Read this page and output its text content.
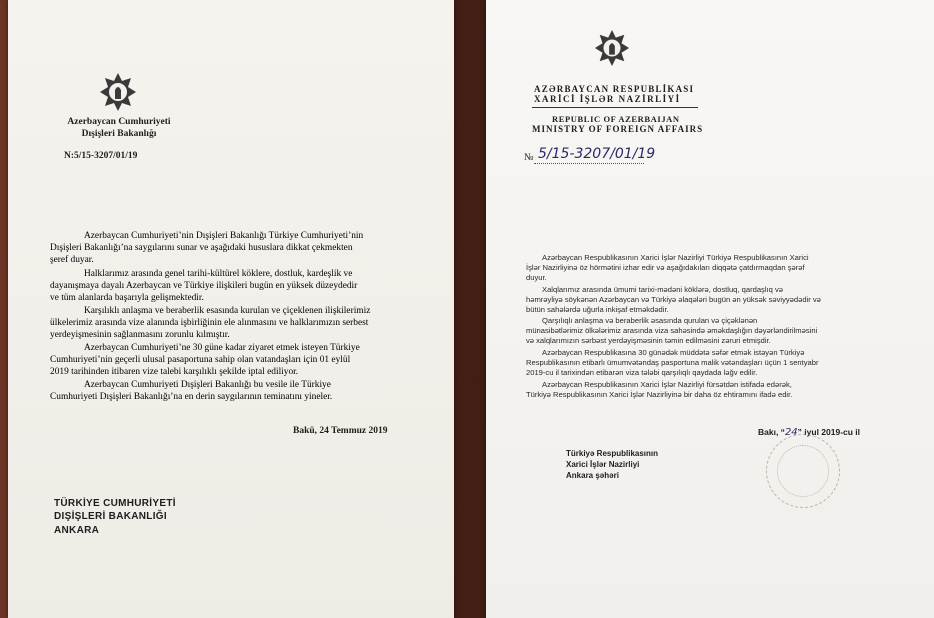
Azerbaycan Cumhuriyeti
Dışişleri Bakanlığı
N:5/15-3207/01/19

Azerbaycan Cumhuriyeti’nin Dışişleri Bakanlığı Türkiye Cumhuriyeti’nin

Dışişleri Bakanlığı’na saygılarını sunar ve aşağıdaki hususlara dikkat çekmekten

şeref duyar.

Halklarımız arasında genel tarihi-kültürel köklere, dostluk, kardeşlik ve

dayanışmaya dayalı Azerbaycan ve Türkiye ilişkileri bugün en yüksek düzeydedir

ve tüm alanlarda başarıyla gelişmektedir.

Karşılıklı anlaşma ve beraberlik esasında kurulan ve çiçeklenen ilişkilerimiz

ülkelerimiz arasında vize alanında işbirliğinin ele alınmasını ve halklarımızın serbest

yerdeyişmesinin sağlanmasını zorunlu kılmıştır.

Azerbaycan Cumhuriyeti’ne 30 güne kadar ziyaret etmek isteyen Türkiye

Cumhuriyeti’nin geçerli ulusal pasaportuna sahip olan vatandaşları için 01 eylül

2019 tarihinden itibaren vize talebi karşılıklı şekilde iptal ediliyor.

Azerbaycan Cumhuriyeti Dışişleri Bakanlığı bu vesile ile Türkiye

Cumhuriyeti Dışişleri Bakanlığı’na en derin saygılarının teminatını yineler.

Bakü, 24 Temmuz 2019
TÜRKİYE CUMHURİYETİ
DIŞİŞLERİ BAKANLIĞI
ANKARA
AZƏRBAYCAN RESPUBLİKASI
XARİCİ İŞLƏR NAZİRLİYİ
REPUBLIC OF AZERBAIJAN
MINISTRY OF FOREIGN AFFAIRS
№ 5/15-3207/01/19

Azərbaycan Respublikasının Xarici İşlər Nazirliyi Türkiyə Respublikasının Xarici

İşlər Nazirliyinə öz hörmətini izhar edir və aşağıdakıları diqqətə çatdırmaqdan şərəf

duyur.

Xalqlarımız arasında ümumi tarixi-mədəni köklərə, dostluq, qardaşlıq və

həmrəyliyə söykənən Azərbaycan və Türkiyə əlaqələri bugün ən yüksək səviyyədədir və

bütün sahələrdə uğurla inkişaf etməkdədir.

Qarşılıqlı anlaşma və beraberlik əsasında qurulan və çiçəklənən

münasibətlərimiz ölkələrimiz arasında viza sahəsində əməkdaşlığın dəyərləndirilməsini

və xalqlarımızın sərbəst yerdəyişməsinin təmin edilməsini zəruri etmişdir.

Azərbaycan Respublikasına 30 günədək müddətə səfər etmək istəyən Türkiyə

Respublikasının etibarlı ümumvətəndaş pasportuna malik vətəndaşları üçün 1 sentyabr

2019-cu il tarixindən etibarən viza tələbi qarşılıqlı qaydada ləğv edilir.

Azərbaycan Respublikasının Xarici İşlər Nazirliyi fürsətdən istifadə edərək,

Türkiyə Respublikasının Xarici İşlər Nazirliyinə bir daha öz ehtiramını ifadə edir.

Bakı, “24” iyul 2019-cu il
Türkiyə Respublikasının
Xarici İşlər Nazirliyi
Ankara şəhəri
